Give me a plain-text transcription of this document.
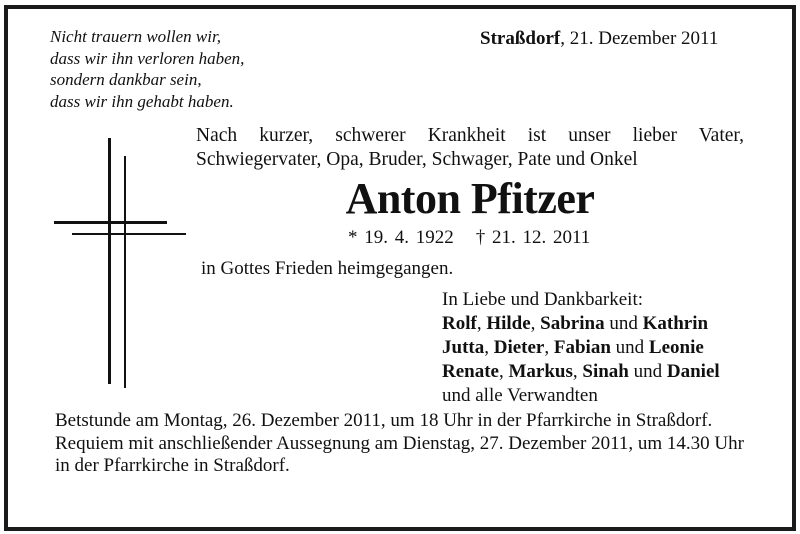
Nicht trauern wollen wir,
dass wir ihn verloren haben,
sondern dankbar sein,
dass wir ihn gehabt haben.
Straßdorf, 21. Dezember 2011
Nach kurzer, schwerer Krankheit ist unser lieber Vater, Schwiegervater, Opa, Bruder, Schwager, Pate und Onkel
Anton Pfitzer
* 19. 4. 1922 † 21. 12. 2011
in Gottes Frieden heimgegangen.
In Liebe und Dankbarkeit:
Rolf, Hilde, Sabrina und Kathrin
Jutta, Dieter, Fabian und Leonie
Renate, Markus, Sinah und Daniel
und alle Verwandten

Betstunde am Montag, 26. Dezember 2011, um 18 Uhr in der Pfarrkirche in Straßdorf.

Requiem mit anschließender Aussegnung am Dienstag, 27. Dezember 2011, um 14.30 Uhr in der Pfarrkirche in Straßdorf.
